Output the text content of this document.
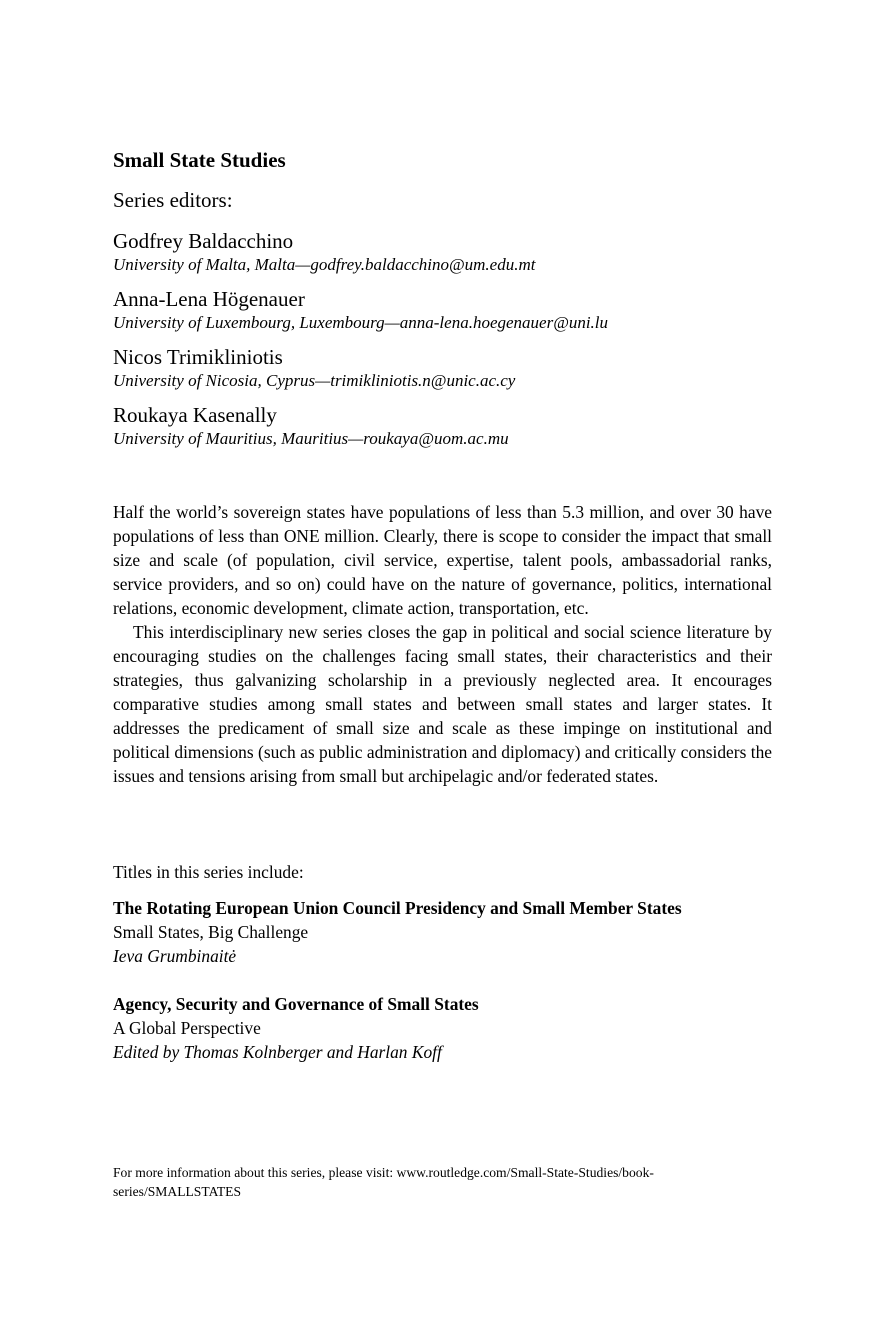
Small State Studies
Series editors:
Godfrey Baldacchino
University of Malta, Malta—godfrey.baldacchino@um.edu.mt
Anna-Lena Högenauer
University of Luxembourg, Luxembourg—anna-lena.hoegenauer@uni.lu
Nicos Trimikliniotis
University of Nicosia, Cyprus—trimikliniotis.n@unic.ac.cy
Roukaya Kasenally
University of Mauritius, Mauritius—roukaya@uom.ac.mu

Half the world’s sovereign states have populations of less than 5.3 million, and over 30 have populations of less than ONE million. Clearly, there is scope to consider the impact that small size and scale (of population, civil service, expertise, talent pools, ambassadorial ranks, service providers, and so on) could have on the nature of governance, politics, international relations, economic development, climate action, transportation, etc.

This interdisciplinary new series closes the gap in political and social science literature by encouraging studies on the challenges facing small states, their characteristics and their strategies, thus galvanizing scholarship in a previously neglected area. It encourages comparative studies among small states and between small states and larger states. It addresses the predicament of small size and scale as these impinge on institutional and political dimensions (such as public administration and diplomacy) and critically considers the issues and tensions arising from small but archipelagic and/or federated states.

Titles in this series include:
The Rotating European Union Council Presidency and Small Member States
Small States, Big Challenge
Ieva Grumbinaitė
Agency, Security and Governance of Small States
A Global Perspective
Edited by Thomas Kolnberger and Harlan Koff
For more information about this series, please visit: www.routledge.com/Small-State-Studies/book-series/SMALLSTATES
